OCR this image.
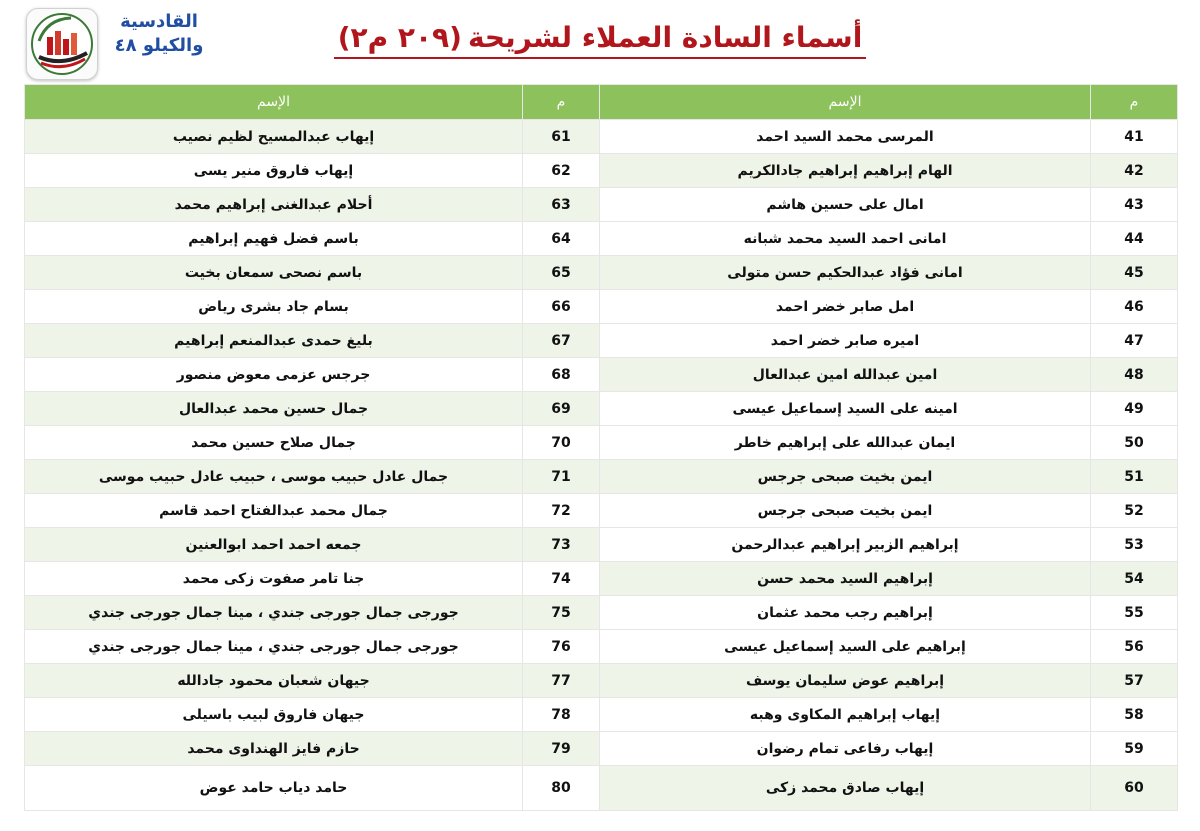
القادسية
والكيلو ٤٨	أسماء السادة العملاء لشريحة(٢٠٩ م٢)
الإسم	م	الإسم	م
إيهاب عبدالمسيح لظيم نصيب	61	المرسى محمد السيد احمد	41
إيهاب فاروق منير يسى	62	الهام إبراهيم إبراهيم جادالكريم	42
أحلام عبدالغنى إبراهيم محمد	63	امال على حسين هاشم	43
باسم فضل فهيم إبراهيم	64	امانى احمد السيد محمد شبانه	44
باسم نصحى سمعان بخيت	65	امانى فؤاد عبدالحكيم حسن متولى	45
بسام جاد بشرى رياض	66	امل صابر خضر احمد	46
بليغ حمدى عبدالمنعم إبراهيم	67	اميره صابر خضر احمد	47
جرجس عزمى معوض منصور	68	امين عبدالله امين عبدالعال	48
جمال حسين محمد عبدالعال	69	امينه على السيد إسماعيل عيسى	49
جمال صلاح حسين محمد	70	ايمان عبدالله على إبراهيم خاطر	50
جمال عادل حبيب موسى ، حبيب عادل حبيب موسى	71	ايمن بخيت صبحى جرجس	51
جمال محمد عبدالفتاح احمد قاسم	72	ايمن بخيت صبحى جرجس	52
جمعه احمد احمد ابوالعنين	73	إبراهيم الزبير إبراهيم عبدالرحمن	53
جنا تامر صفوت زكى محمد	74	إبراهيم السيد محمد حسن	54
جورجى جمال جورجى جندي ، مينا جمال جورجى جندي	75	إبراهيم رجب محمد عثمان	55
جورجى جمال جورجى جندي ، مينا جمال جورجى جندي	76	إبراهيم على السيد إسماعيل عيسى	56
جيهان شعبان محمود جادالله	77	إبراهيم عوض سليمان يوسف	57
جيهان فاروق لبيب باسيلى	78	إيهاب إبراهيم المكاوى وهبه	58
حازم فايز الهنداوى محمد	79	إيهاب رفاعى تمام رضوان	59
حامد دياب حامد عوض	80	إيهاب صادق محمد زكى	60
